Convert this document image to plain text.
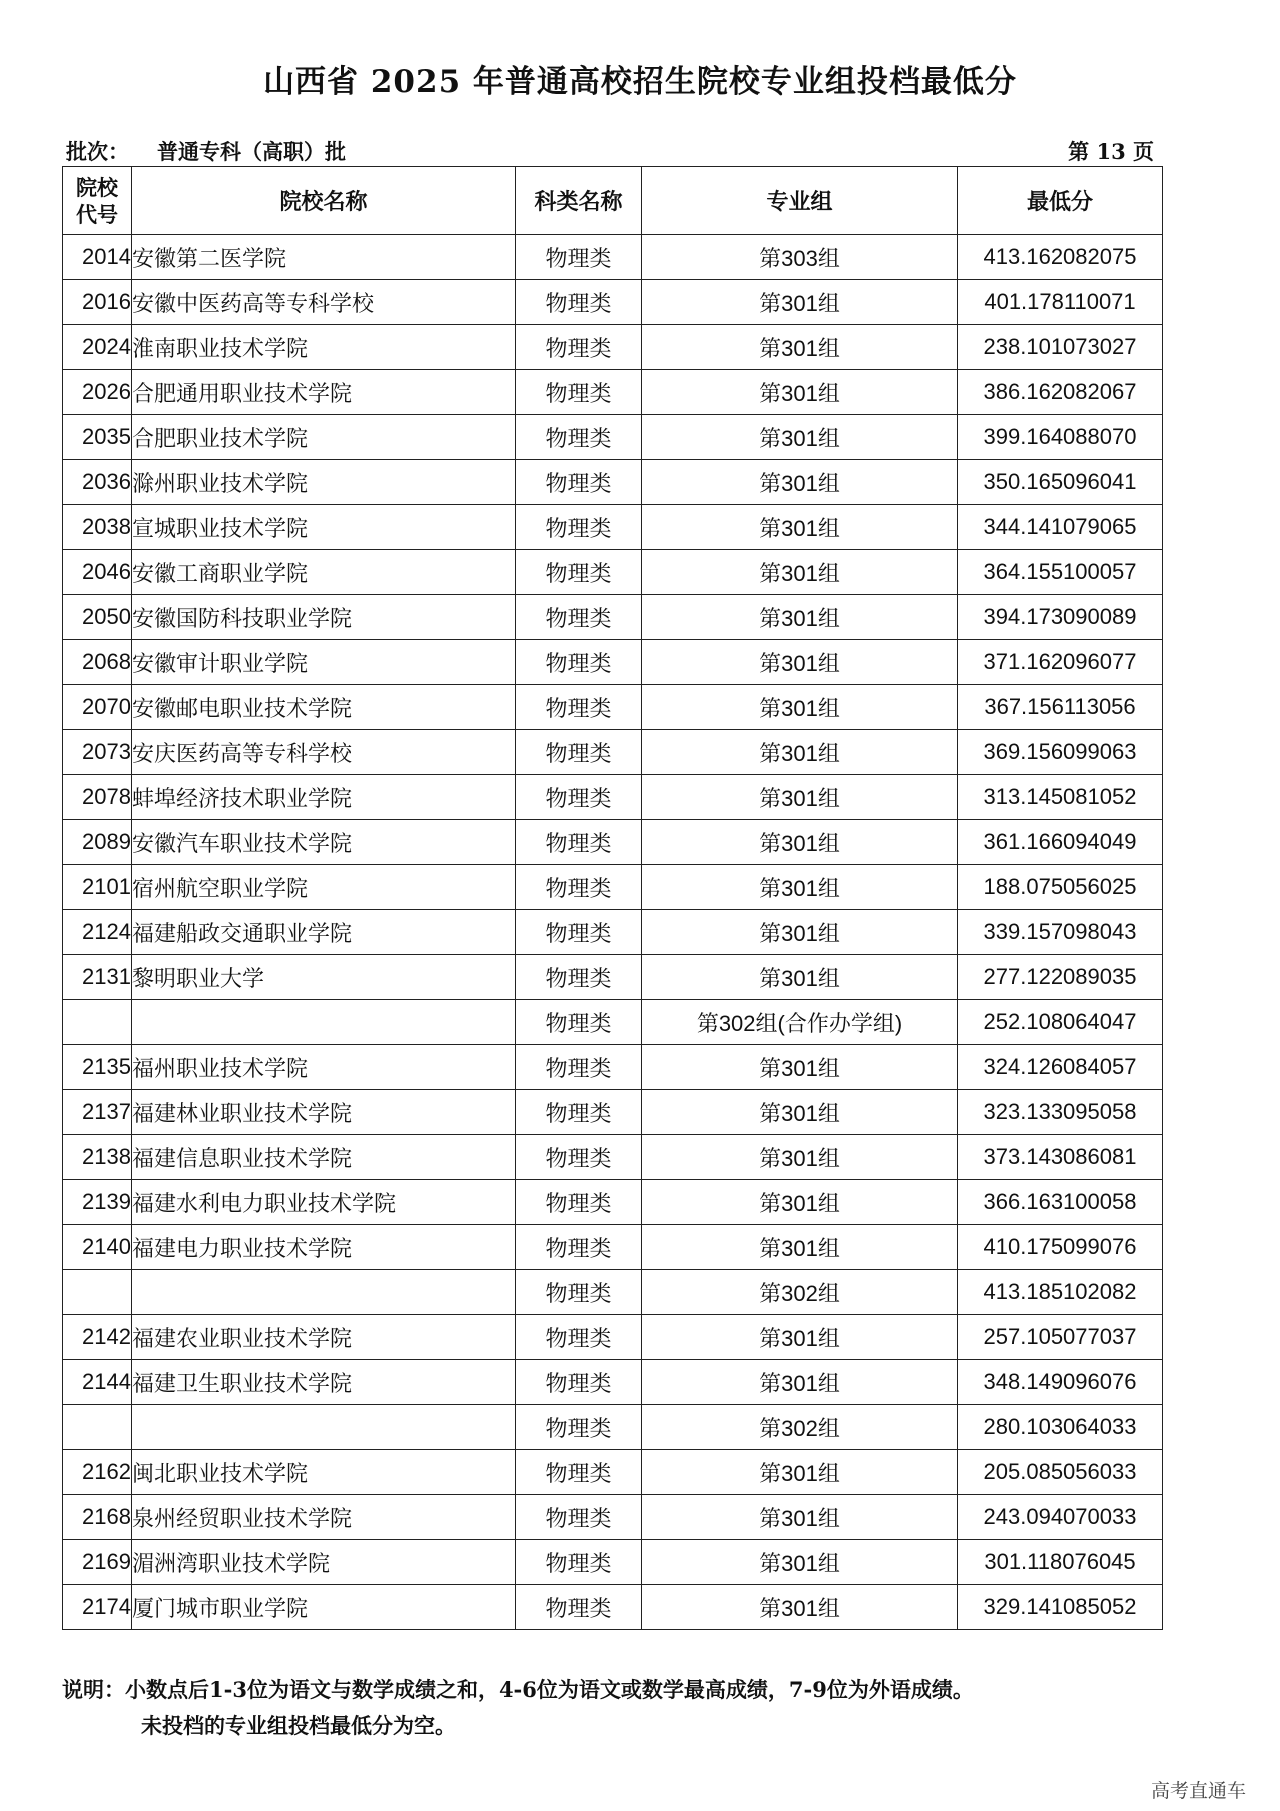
山西省 2025 年普通高校招生院校专业组投档最低分
批次： 普通专科（高职）批	第 13 页
院校
代号	院校名称	科类名称	专业组	最低分
2014	安徽第二医学院	物理类	第303组	413.162082075
2016	安徽中医药高等专科学校	物理类	第301组	401.178110071
2024	淮南职业技术学院	物理类	第301组	238.101073027
2026	合肥通用职业技术学院	物理类	第301组	386.162082067
2035	合肥职业技术学院	物理类	第301组	399.164088070
2036	滁州职业技术学院	物理类	第301组	350.165096041
2038	宣城职业技术学院	物理类	第301组	344.141079065
2046	安徽工商职业学院	物理类	第301组	364.155100057
2050	安徽国防科技职业学院	物理类	第301组	394.173090089
2068	安徽审计职业学院	物理类	第301组	371.162096077
2070	安徽邮电职业技术学院	物理类	第301组	367.156113056
2073	安庆医药高等专科学校	物理类	第301组	369.156099063
2078	蚌埠经济技术职业学院	物理类	第301组	313.145081052
2089	安徽汽车职业技术学院	物理类	第301组	361.166094049
2101	宿州航空职业学院	物理类	第301组	188.075056025
2124	福建船政交通职业学院	物理类	第301组	339.157098043
2131	黎明职业大学	物理类	第301组	277.122089035
		物理类	第302组(合作办学组)	252.108064047
2135	福州职业技术学院	物理类	第301组	324.126084057
2137	福建林业职业技术学院	物理类	第301组	323.133095058
2138	福建信息职业技术学院	物理类	第301组	373.143086081
2139	福建水利电力职业技术学院	物理类	第301组	366.163100058
2140	福建电力职业技术学院	物理类	第301组	410.175099076
		物理类	第302组	413.185102082
2142	福建农业职业技术学院	物理类	第301组	257.105077037
2144	福建卫生职业技术学院	物理类	第301组	348.149096076
		物理类	第302组	280.103064033
2162	闽北职业技术学院	物理类	第301组	205.085056033
2168	泉州经贸职业技术学院	物理类	第301组	243.094070033
2169	湄洲湾职业技术学院	物理类	第301组	301.118076045
2174	厦门城市职业学院	物理类	第301组	329.141085052
说明：小数点后1-3位为语文与数学成绩之和，4-6位为语文或数学最高成绩，7-9位为外语成绩。
未投档的专业组投档最低分为空。
高考直通车
